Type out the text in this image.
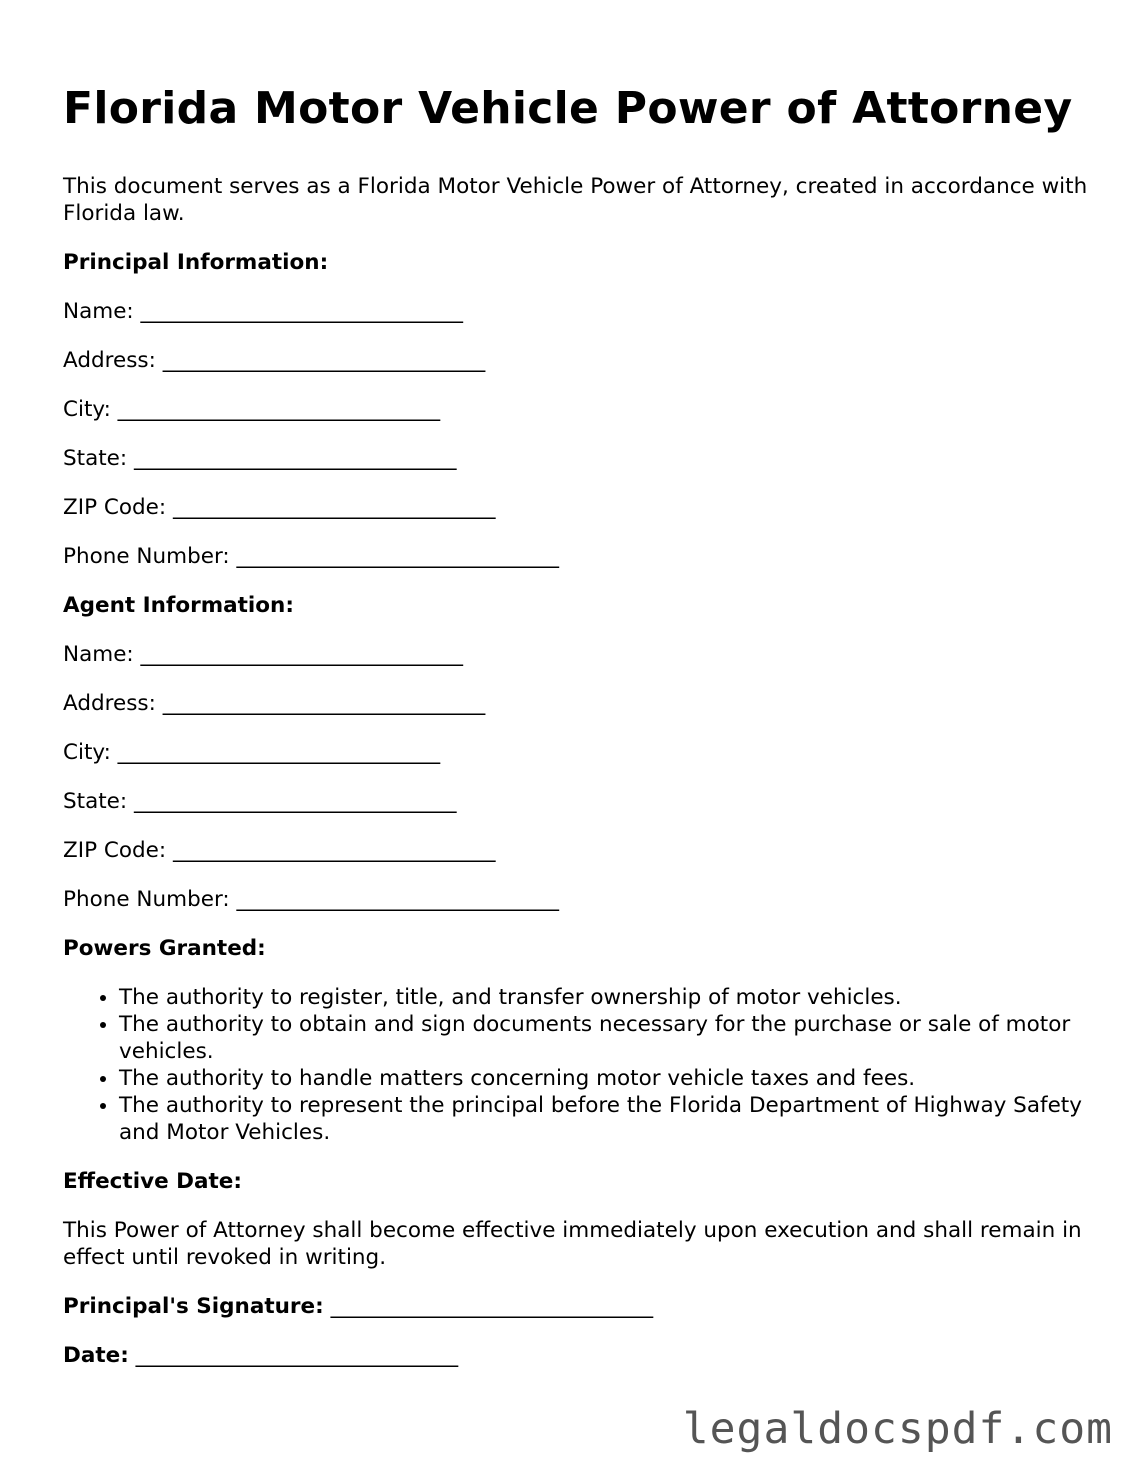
Florida Motor Vehicle Power of Attorney

This document serves as a Florida Motor Vehicle Power of Attorney, created in accordance with Florida law.

Principal Information:

Name: ______________________________

Address: ______________________________

City: ______________________________

State: ______________________________

ZIP Code: ______________________________

Phone Number: ______________________________

Agent Information:

Name: ______________________________

Address: ______________________________

City: ______________________________

State: ______________________________

ZIP Code: ______________________________

Phone Number: ______________________________

Powers Granted:

• The authority to register, title, and transfer ownership of motor vehicles.
• The authority to obtain and sign documents necessary for the purchase or sale of motor vehicles.
• The authority to handle matters concerning motor vehicle taxes and fees.
• The authority to represent the principal before the Florida Department of Highway Safety and Motor Vehicles.

Effective Date:

This Power of Attorney shall become effective immediately upon execution and shall remain in effect until revoked in writing.

Principal's Signature: ______________________________

Date: ______________________________

legaldocspdf.com
